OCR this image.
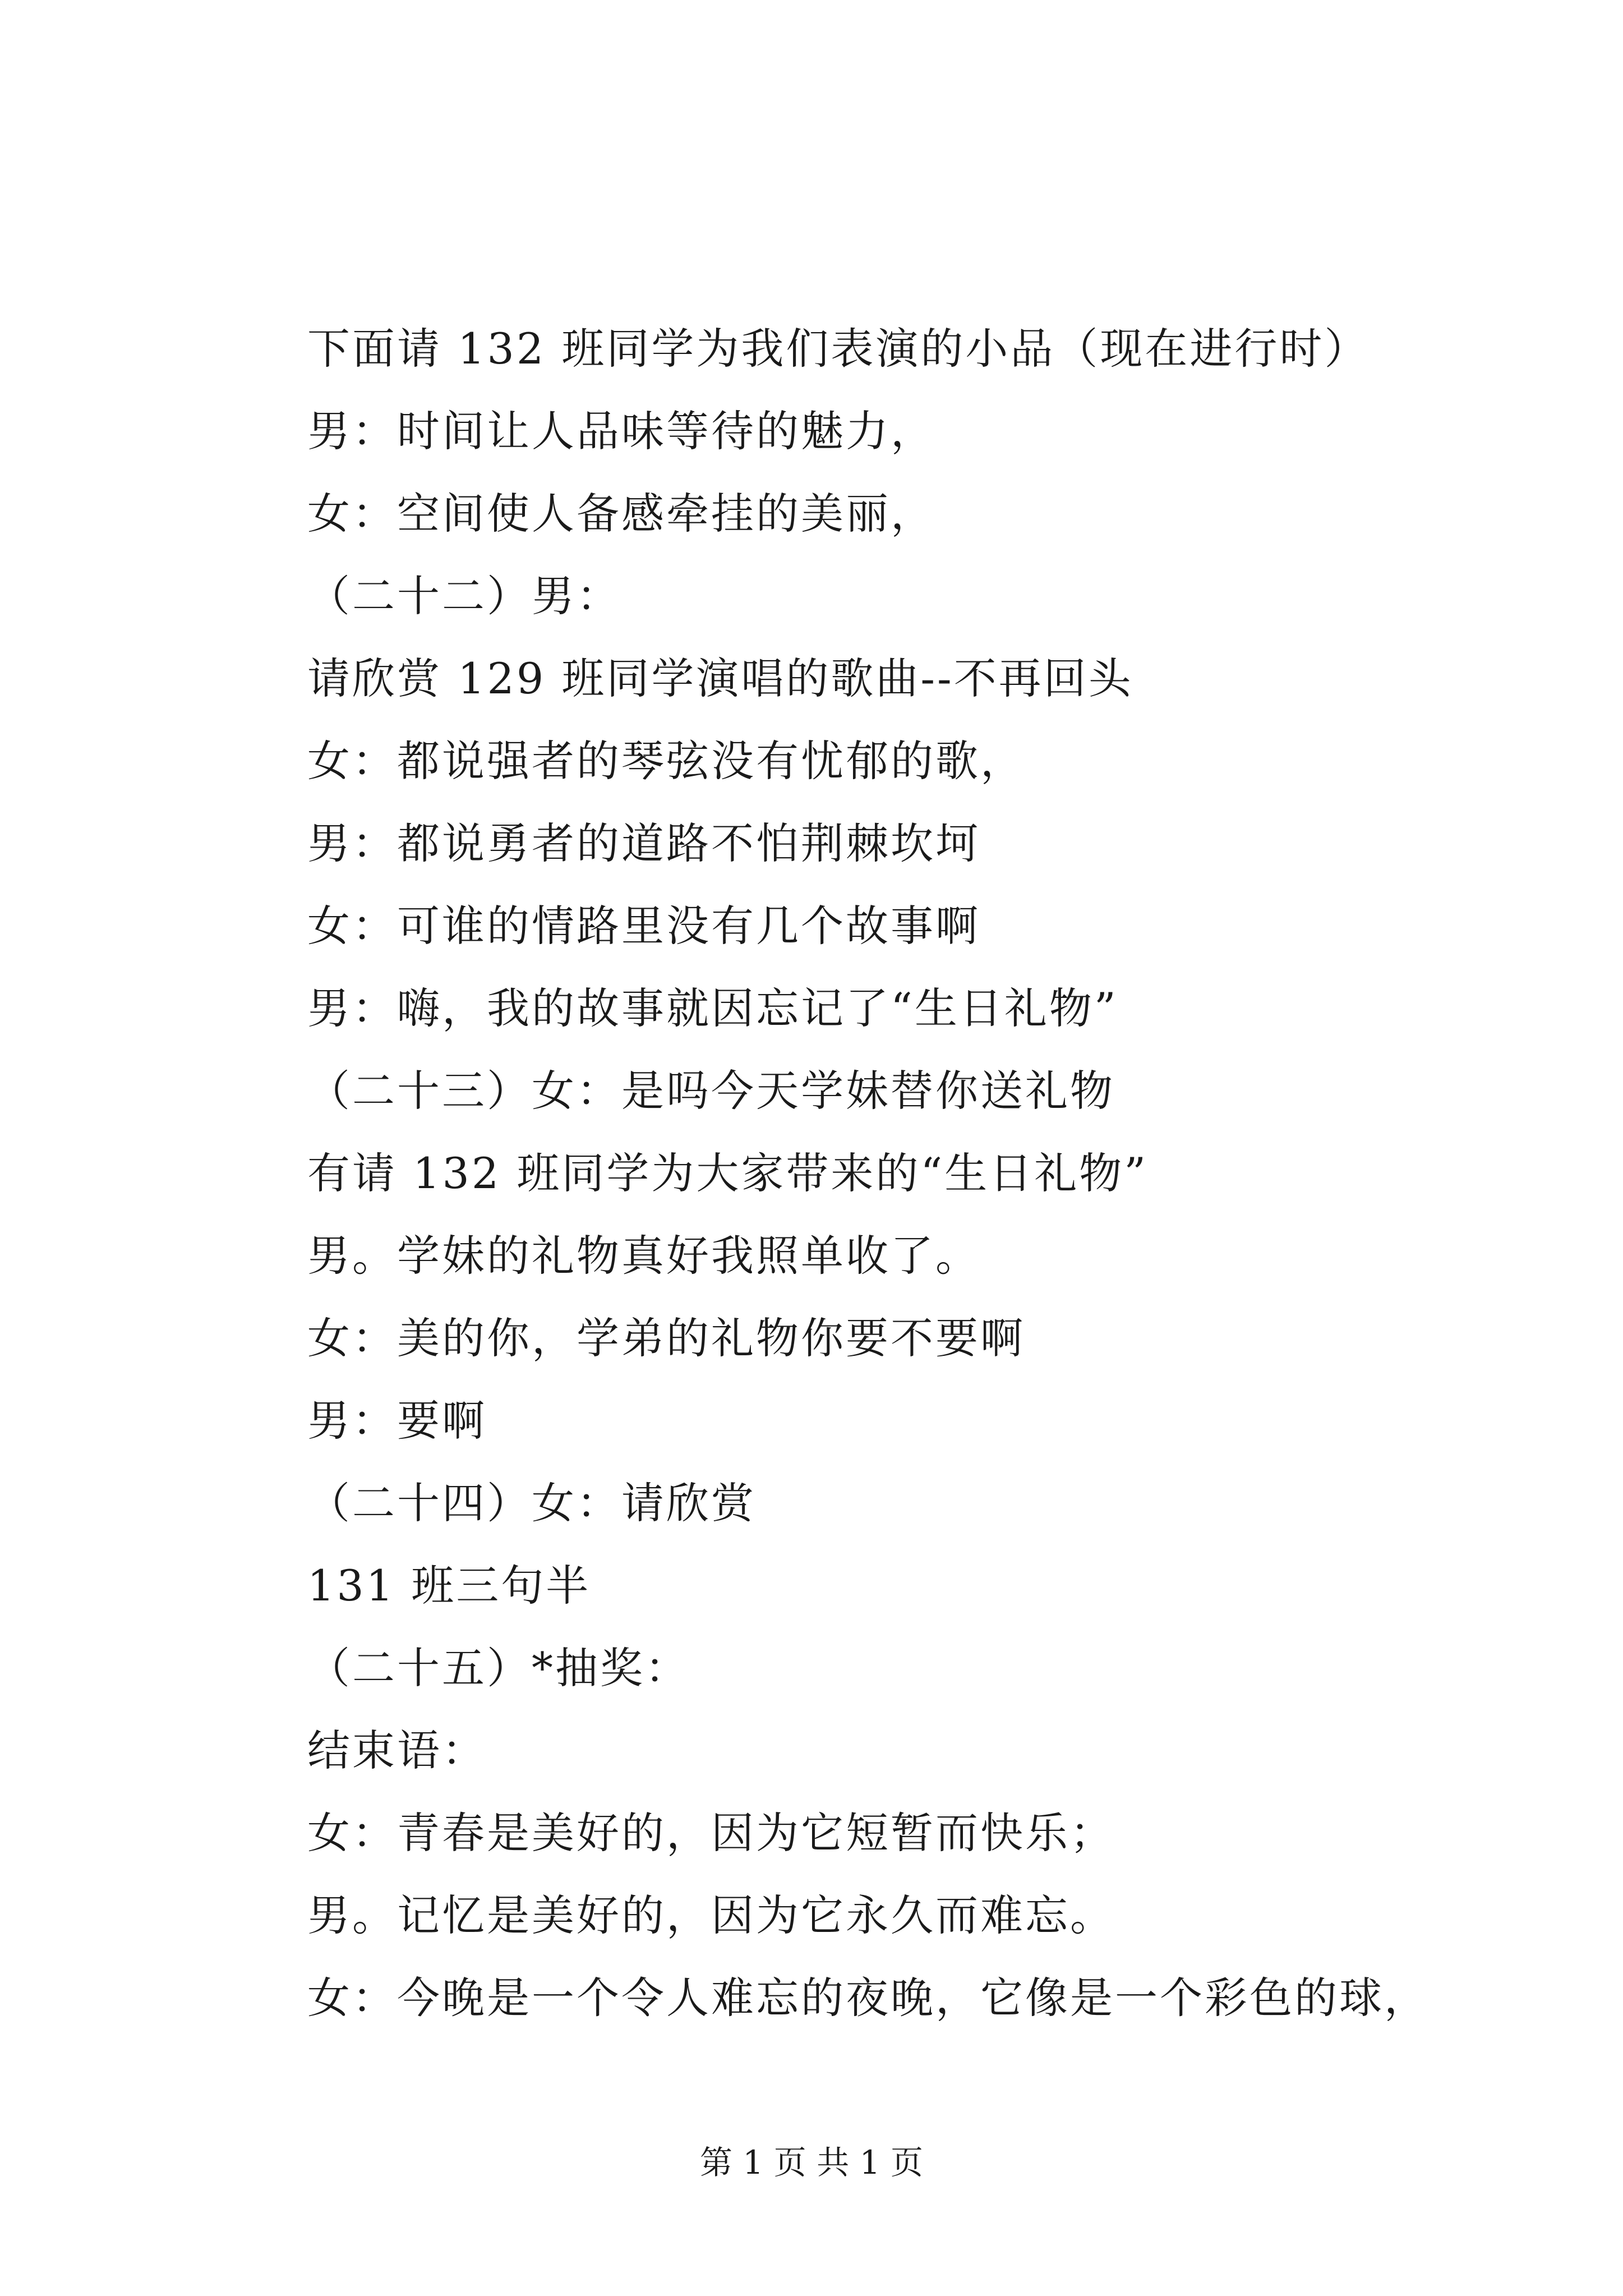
下面请 132 班同学为我们表演的小品（现在进行时）
男：时间让人品味等待的魅力，
女：空间使人备感牵挂的美丽，
（二十二）男：
请欣赏 129 班同学演唱的歌曲--不再回头
女：都说强者的琴弦没有忧郁的歌，
男：都说勇者的道路不怕荆棘坎坷
女：可谁的情路里没有几个故事啊
男：嗨，我的故事就因忘记了“生日礼物”
（二十三）女：是吗今天学妹替你送礼物
有请 132 班同学为大家带来的“生日礼物”
男。学妹的礼物真好我照单收了。
女：美的你，学弟的礼物你要不要啊
男：要啊
（二十四）女：请欣赏
131 班三句半
（二十五）*抽奖：
结束语：
女：青春是美好的，因为它短暂而快乐；
男。记忆是美好的，因为它永久而难忘。
女：今晚是一个令人难忘的夜晚，它像是一个彩色的球，
第 1 页 共 1 页
